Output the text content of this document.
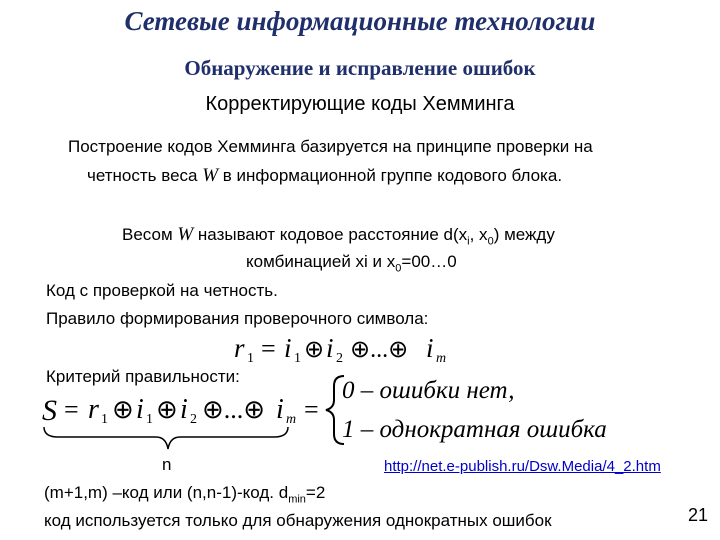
Сетевые информационные технологии
Обнаружение и исправление ошибок
Корректирующие коды Хемминга
Построение кодов Хемминга базируется на принципе проверки на
четность веса W в информационной группе кодового блока.
Весом W называют кодовое расстояние $d(x_i$, $x_0$) между
комбинацией xi и $x_0=00\dots 0$
Код с проверкой на четность.
Правило формирования проверочного символа:
r 1 = i 1 ⊕ i 2 ⊕...⊕ i m
Критерий правильности:
S = r 1 ⊕ i 1 ⊕ i 2 ⊕...⊕ i m =
0 – ошибки нет,
1 – однократная ошибка
n	http://net.e-publish.ru/Dsw.Media/4_2.htm
(m+1,m) –код или (n,n-1)-код. $d_{min}=2$
код используется только для обнаружения однократных ошибок	21
